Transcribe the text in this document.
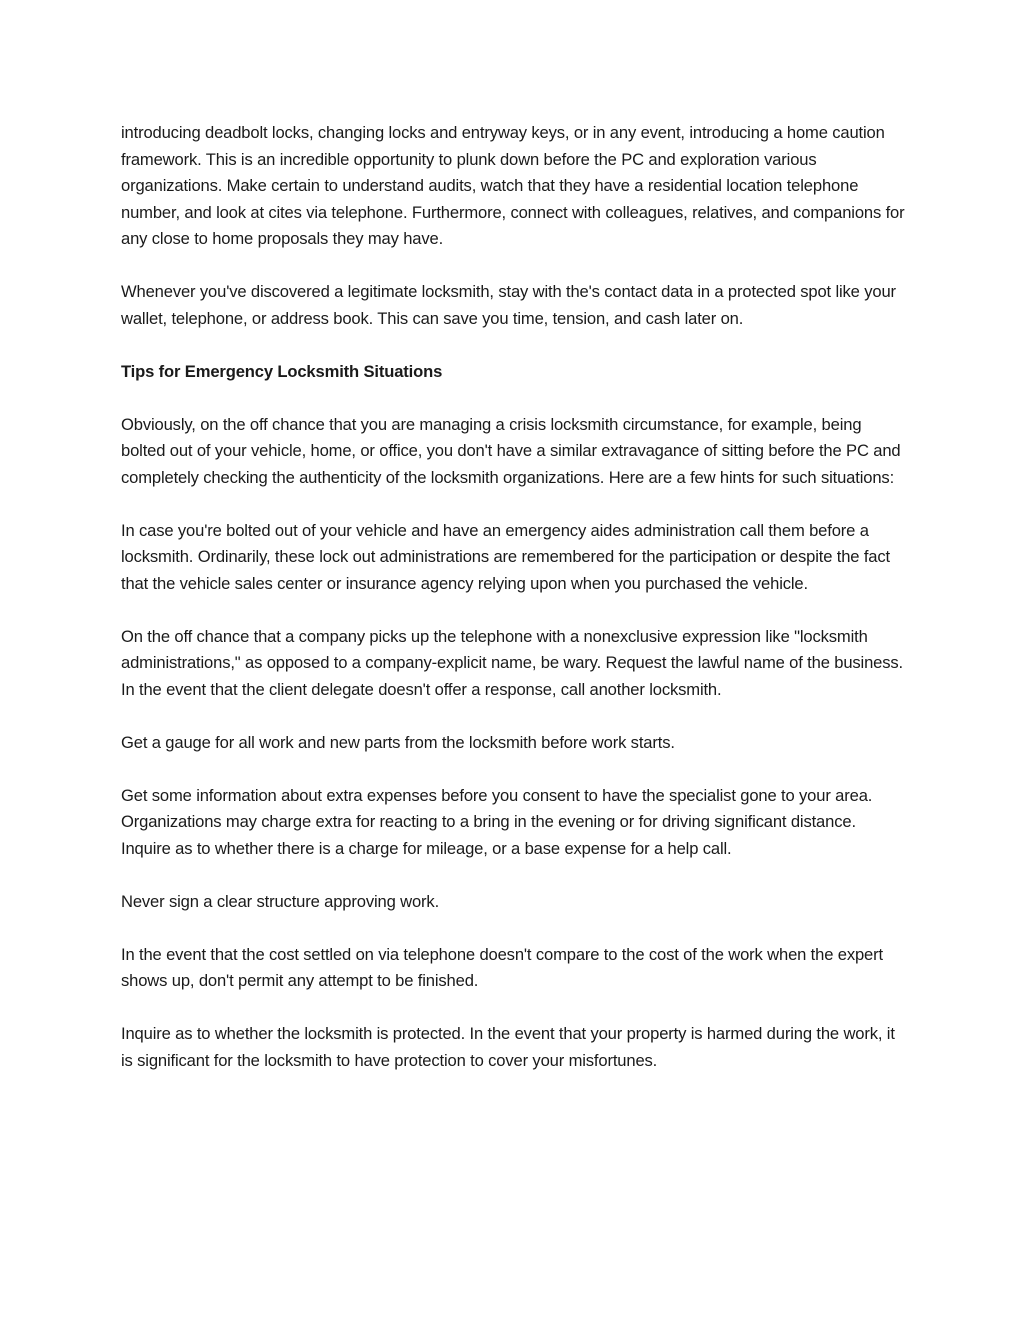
introducing deadbolt locks, changing locks and entryway keys, or in any event, introducing a home caution framework. This is an incredible opportunity to plunk down before the PC and exploration various organizations. Make certain to understand audits, watch that they have a residential location telephone number, and look at cites via telephone. Furthermore, connect with colleagues, relatives, and companions for any close to home proposals they may have.

Whenever you've discovered a legitimate locksmith, stay with the's contact data in a protected spot like your wallet, telephone, or address book. This can save you time, tension, and cash later on.

Tips for Emergency Locksmith Situations

Obviously, on the off chance that you are managing a crisis locksmith circumstance, for example, being bolted out of your vehicle, home, or office, you don't have a similar extravagance of sitting before the PC and completely checking the authenticity of the locksmith organizations. Here are a few hints for such situations:

In case you're bolted out of your vehicle and have an emergency aides administration call them before a locksmith. Ordinarily, these lock out administrations are remembered for the participation or despite the fact that the vehicle sales center or insurance agency relying upon when you purchased the vehicle.

On the off chance that a company picks up the telephone with a nonexclusive expression like "locksmith administrations," as opposed to a company-explicit name, be wary. Request the lawful name of the business. In the event that the client delegate doesn't offer a response, call another locksmith.

Get a gauge for all work and new parts from the locksmith before work starts.

Get some information about extra expenses before you consent to have the specialist gone to your area. Organizations may charge extra for reacting to a bring in the evening or for driving significant distance. Inquire as to whether there is a charge for mileage, or a base expense for a help call.

Never sign a clear structure approving work.

In the event that the cost settled on via telephone doesn't compare to the cost of the work when the expert shows up, don't permit any attempt to be finished.

Inquire as to whether the locksmith is protected. In the event that your property is harmed during the work, it is significant for the locksmith to have protection to cover your misfortunes.
